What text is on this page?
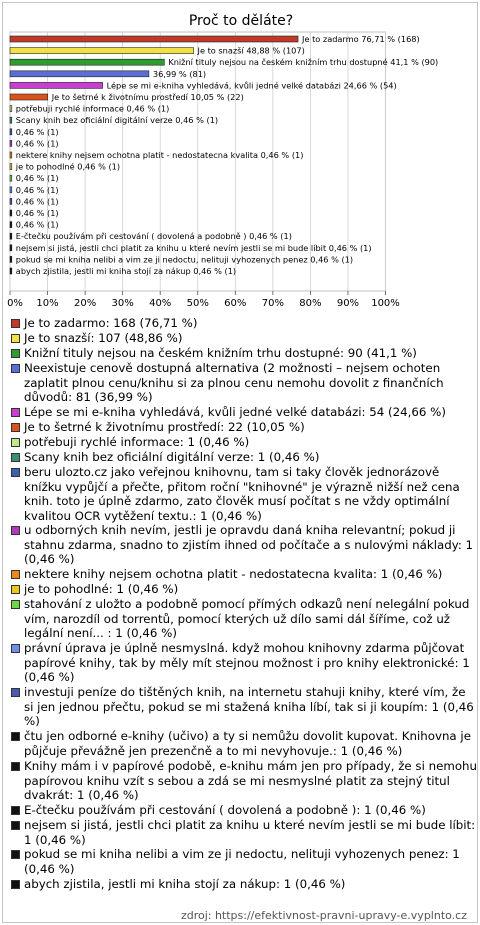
Proč to děláte?
0% 10% 20% 30% 40% 50% 60% 70% 80% 90% 100%
Je to zadarmo 76,71 % (168)
Je to snazší 48,88 % (107)
Knižní tituly nejsou na českém knižním trhu dostupné 41,1 % (90)
36,99 % (81)
Lépe se mi e-kniha vyhledává, kvůli jedné velké databázi 24,66 % (54)
Je to šetrné k životnímu prostředí 10,05 % (22)
potřebuji rychlé informace 0,46 % (1)
Scany knih bez oficiální digitální verze 0,46 % (1)
0,46 % (1)
0,46 % (1)
nektere knihy nejsem ochotna platit - nedostatecna kvalita 0,46 % (1)
je to pohodlné 0,46 % (1)
0,46 % (1)
0,46 % (1)
0,46 % (1)
0,46 % (1)
0,46 % (1)
E-čtečku používám při cestování ( dovolená a podobně ) 0,46 % (1)
nejsem si jistá, jestli chci platit za knihu u které nevím jestli se mi bude líbit 0,46 % (1)
pokud se mi kniha nelibi a vim ze ji nedoctu, nelituji vyhozenych penez 0,46 % (1)
abych zjistila, jestli mi kniha stojí za nákup 0,46 % (1)
Je to zadarmo: 168 (76,71 %)
Je to snazší: 107 (48,86 %)
Knižní tituly nejsou na českém knižním trhu dostupné: 90 (41,1 %)
Neexistuje cenově dostupná alternativa (2 možnosti – nejsem ochoten zaplatit plnou cenu/knihu si za plnou cenu nemohu dovolit z finančních důvodů: 81 (36,99 %)
Lépe se mi e-kniha vyhledává, kvůli jedné velké databázi: 54 (24,66 %)
Je to šetrné k životnímu prostředí: 22 (10,05 %)
potřebuji rychlé informace: 1 (0,46 %)
Scany knih bez oficiální digitální verze: 1 (0,46 %)
beru ulozto.cz jako veřejnou knihovnu, tam si taky člověk jednorázově knížku vypůjčí a přečte, přitom roční "knihovné" je výrazně nižší než cena knih. toto je úplně zdarmo, zato člověk musí počítat s ne vždy optimální kvalitou OCR vytěžení textu.: 1 (0,46 %)
u odborných knih nevím, jestli je opravdu daná kniha relevantní; pokud ji stahnu zdarma, snadno to zjistím ihned od počítače a s nulovými náklady: 1 (0,46 %)
nektere knihy nejsem ochotna platit - nedostatecna kvalita: 1 (0,46 %)
je to pohodlné: 1 (0,46 %)
stahování z uložto a podobně pomocí přímých odkazů není nelegální pokud vím, narozdíl od torrentů, pomocí kterých už dílo sami dál šíříme, což už legální není... : 1 (0,46 %)
právní úprava je úplně nesmyslná. když mohou knihovny zdarma půjčovat papírové knihy, tak by měly mít stejnou možnost i pro knihy elektronické: 1 (0,46 %)
investuji peníze do tištěných knih, na internetu stahuji knihy, které vím, že si jen jednou přečtu, pokud se mi stažená kniha líbí, tak si ji koupím: 1 (0,46 %)
čtu jen odborné e-knihy (učivo) a ty si nemůžu dovolit kupovat. Knihovna je půjčuje převážně jen prezenčně a to mi nevyhovuje.: 1 (0,46 %)
Knihy mám i v papírové podobě, e-knihu mám jen pro případy, že si nemohu papírovou knihu vzít s sebou a zdá se mi nesmyslné platit za stejný titul dvakrát: 1 (0,46 %)
E-čtečku používám při cestování ( dovolená a podobně ): 1 (0,46 %)
nejsem si jistá, jestli chci platit za knihu u které nevím jestli se mi bude líbit: 1 (0,46 %)
pokud se mi kniha nelibi a vim ze ji nedoctu, nelituji vyhozenych penez: 1 (0,46 %)
abych zjistila, jestli mi kniha stojí za nákup: 1 (0,46 %)
zdroj: https://efektivnost-pravni-upravy-e.vyplnto.cz
